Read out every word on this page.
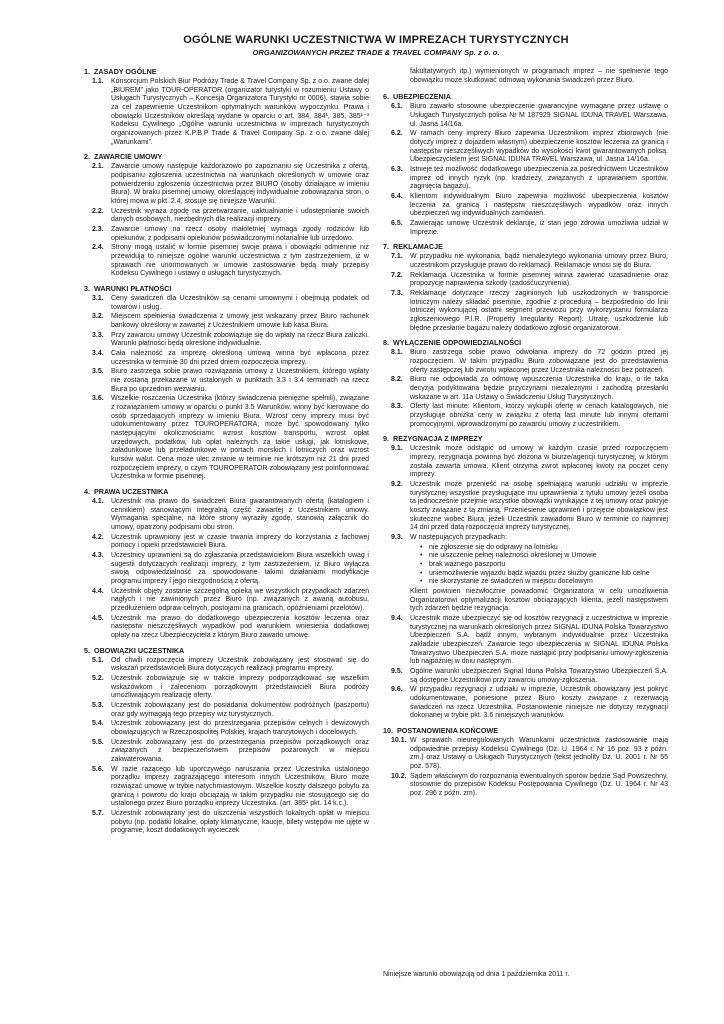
OGÓLNE WARUNKI UCZESTNICTWA W IMPREZACH TURYSTYCZNYCH
ORGANIZOWANYCH PRZEZ TRADE & TRAVEL COMPANY Sp. z o. o.
1. ZASADY OGÓLNE
1.1.	Konsorcjum Polskich Biur Podróży Trade & Travel Company Sp. z o.o. zwane dalej „BIUREM” jako TOUR-OPERATOR (organizator turystyki w rozumieniu Ustawy o Usługach Turystycznych – Koncesja Organizatora Turystyki nr 0006), stawia sobie za cel zapewnienie Uczestnikom optymalnych warunków wypoczynku. Prawa i obowiązki Uczestników określają wydane w oparciu o art. 384, 384¹, 385, 385¹⁻³ Kodeksu Cywilnego „Ogólne warunki uczestnictwa w imprezach turystycznych organizowanych przez K.P.B.P Trade & Travel Company Sp. z o.o. zwane dalej „Warunkami”.
2. ZAWARCIE UMOWY
2.1.	Zawarcie umowy następuje każdorazowo po zapoznaniu się Uczestnika z ofertą, podpisaniu zgłoszenia uczestnictwa na warunkach określonych w umowie oraz potwierdzeniu zgłoszenia uczestnictwa przez BIURO (osoby działające w imieniu Biura). W braku pisemnej umowy, określającej indywidualnie zobowiązania stron, o której mowa w pkt. 2.4, stosuje się niniejsze Warunki.
2.2.	Uczestnik wyraża zgodę na przetwarzanie, uaktualnianie i udostępnianie swoich danych osobowych, niezbędnych dla realizacji imprezy.
2.3.	Zawarcie umowy na rzecz osoby małoletniej wymaga zgody rodziców lub opiekunów, z podpisami opiekunów poświadczonymi notarialnie lub urzędowo.
2.4.	Strony mogą ustalić w formie pisemnej swoje prawa i obowiązki odmiennie niż przewidują to niniejsze ogólne warunki uczestnictwa z tym zastrzeżeniem, iż w sprawach nie unormowanych w umowie zastosowanie będą miały przepisy Kodeksu Cywilnego i ustawy o usługach turystycznych.
3. WARUNKI PŁATNOŚCI
3.1.	Ceny świadczeń dla Uczestników są cenami umownymi i obejmują podatek od towarów i usług.
3.2.	Miejscem spełnienia świadczenia z umowy jest wskazany przez Biuro rachunek bankowy określony w zawartej z Uczestnikiem umowie lub kasa Biura.
3.3.	Przy zawarciu umowy Uczestnik zobowiązuje się do wpłaty na rzecz Biura zaliczki. Warunki płatności będą określone indywidualnie.
3.4.	Cała należność za imprezę określoną umową winna być wpłacona przez uczestnika w terminie 30 dni przed dniem rozpoczęcia imprezy.
3.5.	Biuro zastrzega sobie prawo rozwiązania umowy z Uczestnikiem, którego wpłaty nie zostaną przekazane w ustalonych w punktach 3.3 i 3.4 terminach na rzecz Biura po uprzednim wezwaniu.
3.6.	Wszelkie roszczenia Uczestnika (którzy świadczenia pieniężne spełnili), związane z rozwiązaniem umowy w oparciu o punkt 3.5 Warunków, winny być kierowane do osób sprzedających imprezy w imieniu Biura. Wzrost ceny imprezy musi być udokumentowany przez TOUROPERATORA, może być spowodowany tylko następującymi okolicznościami: wzrost kosztów transportu, wzrost opłat urzędowych, podatków, lub opłat należnych za takie usługi, jak lotniskowe, załadunkowe lub przeładunkowe w portach morskich i lotniczych oraz wzrost kursów walut. Cena może ulec zmianie w terminie nie krótszym niż 21 dni przed rozpoczęciem imprezy, o czym TOUROPERATOR zobowiązany jest poinformować Uczestnika w formie pisemnej.
4. PRAWA UCZESTNIKA
4.1.	Uczestnik ma prawo do świadczeń Biura gwarantowanych ofertą (katalogiem i cennikiem) stanowiącym integralną część zawartej z Uczestnikiem umowy. Wymagania specjalne, na które strony wyraziły zgodę, stanowią załącznik do umowy, opatrzony podpisami obu stron.
4.2.	Uczestnik uprawniony jest w czasie trwania imprezy do korzystania z fachowej pomocy i opieki przedstawicieli Biura.
4.3.	Uczestnicy uprawnieni są do zgłaszania przedstawicielom Biura wszelkich uwag i sugestii dotyczących realizacji imprezy, z tym zastrzeżeniem, iż Biuro wyłącza swoją odpowiedzialność za spowodowane takimi działaniami modyfikacje programu imprezy i jego niezgodnością z ofertą.
4.4.	Uczestnik objęty zostanie szczególną opieką we wszystkich przypadkach zdarzeń nagłych i nie zawinionych przez Biuro (np. związanych z awarią autobusu, przedłużeniem odpraw celnych, postojami na granicach, opóźnieniami przelotów).
4.5.	Uczestnik ma prawo do dodatkowego ubezpieczenia kosztów leczenia oraz następstw nieszczęśliwych wypadków pod warunkiem wniesienia dodatkowej opłaty na rzecz Ubezpieczyciela z którym Biuro zawarło umowę.
5. OBOWIĄZKI UCZESTNIKA
5.1.	Od chwili rozpoczęcia imprezy Uczestnik zobowiązany jest stosować się do wskazań przedstawicieli Biura dotyczących realizacji programu imprezy.
5.2.	Uczestnik zobowiązuje się w trakcie imprezy podporządkować się wszelkim wskazówkom i zaleceniom porządkowym przedstawicieli Biura podróży umożliwiającym realizację oferty.
5.3.	Uczestnik zobowiązany jest do posiadania dokumentów podróżnych (paszportu) oraz gdy wymagają tego przepisy wiz turystycznych.
5.4.	Uczestnik zobowiązany jest do przestrzegania przepisów celnych i dewizowych obowiązujących w Rzeczpospolitej Polskiej, krajach tranzytowych i docelowych.
5.5.	Uczestnik zobowiązany jest do przestrzegania przepisów porządkowych oraz związanych z bezpieczeństwem przepisów pożarowych w miejscu zakwaterowania.
5.6.	W razie rażącego lub uporczywego naruszania przez Uczestnika ustalonego porządku imprezy zagrażającego interesom innych Uczestników, Biuro może rozwiązać umowę w trybie natychmiastowym. Wszelkie koszty dalszego pobytu za granicą i powrotu do kraju obciążają w takim przypadku nie stosującego się do ustalonego przez Biuro porządku imprezy Uczestnika. (art. 385¹ pkt. 14 k.c.).
5.7.	Uczestnik zobowiązany jest do uiszczenia wszystkich lokalnych opłat w miejscu pobytu (np. podatki lokalne, opłaty klimatyczne, kaucje, bilety wstępów nie ujęte w programie, koszt dodatkowych wycieczek

fakultatywnych itp.) wymienionych w programach imprez – nie spełnienie tego obowiązku może skutkować odmową wykonania świadczeń przez Biuro.

6. UBEZPIECZENIA
6.1.	Biuro zawarło stosowne ubezpieczenie gwarancyjne wymagane przez ustawę o Usługach Turystycznych polisa Nr M 187929 SIGNAL IDUNA TRAVEL Warszawa, ul. Jasna 14/16a.
6.2.	W ramach ceny imprezy Biuro zapewnia Uczestnikom imprez zbiorowych (nie dotyczy imprez z dojazdem własnym) ubezpieczenie kosztów leczenia za granicą i następstw nieszczęśliwych wypadków do wysokości kwot gwarantowanych polisą. Ubezpieczycielem jest SIGNAL IDUNA TRAVEL Warszawa, ul. Jasna 14/16a.
6.3.	Istnieje też możliwość dodatkowego ubezpieczenia za pośrednictwem Uczestników imprez od innych ryzyk (np. kradzieży, związanych z uprawianiem sportów, zaginięcia bagażu).
6.4.	Klientom indywidualnym Biuro zapewnia możliwość ubezpieczenia kosztów leczenia za granicą i następstw nieszczęśliwych wypadków oraz innych ubezpieczeń wg indywidualnych zamówień.
6.5.	Zawierając umowę Uczestnik deklaruje, iż stan jego zdrowia umożliwia udział w Imprezie.
7. REKLAMACJE
7.1.	W przypadku nie wykonania, bądź nienależytego wykonania umowy przez Biuro, uczestnikom przysługuje prawo do reklamacji. Reklamacje wnosi się do Biura.
7.2.	Reklamacja Uczestnika w formie pisemnej winna zawierać uzasadnienie oraz propozycję naprawienia szkody (zadośćuczynienia).
7.3.	Reklamacje dotyczące rzeczy zaginionych lub uszkodzonych w transporcie lotniczym należy składać pisemnie, zgodnie z procedurą – bezpośrednio do linii lotniczej wykonującej ostatni segment przewozu przy wykorzystaniu formularza zgłoszeniowego P.I.R. (Property Irregularity Report). Utratę, uszkodzenie lub błędne przesłanie bagażu należy dodatkowo zgłosić organizatorowi.
8. WYŁĄCZENIE ODPOWIEDZIALNOŚCI
8.1.	Biuro zastrzega sobie prawo odwołania imprezy do 72 godzin przed jej rozpoczęciem. W takim przypadku Biuro zobowiązane jest do przedstawienia oferty zastępczej lub zwrotu wpłaconej przez Uczestnika należności bez potrąceń.
8.2.	Biuro nie odpowiada za odmowę wpuszczenia Uczestnika do kraju, o ile taka decyzja podyktowana będzie przyczynami niezależnymi i zachodzą przesłanki wskazane w art. 11a Ustawy o Świadczeniu Usług Turystycznych.
8.3.	Oferty last minute: Klientom, którzy wykupili ofertę w cenach katalogowych, nie przysługuje obniżka ceny w związku z ofertą last minute lub innymi ofertami promocyjnymi, wprowadzonymi po zawarciu umowy z uczestnikiem.
9. REZYGNACJA Z IMPREZY
9.1.	Uczestnik może odstąpić od umowy w każdym czasie przed rozpoczęciem imprezy, rezygnacja powinna być złożona w biurze/agencji turystycznej, w którym została zawarta umowa. Klient otrzyma zwrot wpłaconej kwoty na poczet ceny imprezy.
9.2.	Uczestnik może przenieść na osobę spełniającą warunki udziału w imprezie turystycznej wszystkie przysługujące mu uprawnienia z tytułu umowy jeżeli osoba ta jednocześnie przejmie wszystkie obowiązki wynikające z tej umowy oraz pokryje koszty związane z tą zmianą. Przeniesienie uprawnień i przejęcie obowiązków jest skuteczne wobec Biura, jeżeli Uczestnik zawiadomi Biuro w terminie co najmniej 14 dni przed datą rozpoczęcia imprezy turystycznej.
9.3.	W następujących przypadkach:
• nie zgłoszenie się do odprawy na lotnisku
• nie uiszczenie pełnej należności określonej w Umowie
• brak ważnego paszportu
• uniemożliwienie wyjazdu bądź wjazdu przez służby graniczne lub celne
• nie skorzystanie ze świadczeń w miejscu docelowym
Klient powinien niezwłocznie powiadomić Organizatora w celu umożliwienia Organizatorowi optymalizacji kosztów obciążających klienta, jeżeli następstwem tych zdarzeń będzie rezygnacja.
9.4.	Uczestnik może ubezpieczyć się od kosztów rezygnacji z uczestnictwa w imprezie turystycznej na warunkach określonych przez SIGNAL IDUNA Polska Towarzystwo Ubezpieczeń S.A. bądź innym, wybranym indywidualnie przez Uczestnika zakładzie ubezpieczeń. Zawarcie tego ubezpieczenia w SIGNAL IDUNA Polska Towarzystwo Ubezpieczeń S.A. może nastąpić przy podpisaniu umowy-zgłoszenia lub najpóźniej w dniu następnym.
9.5.	Ogólne warunki ubezpieczeń Signal Iduna Polska Towarzystwo Ubezpieczeń S.A. są dostępne Uczestnikowi przy zawarciu umowy-zgłoszenia.
9.6.	W przypadku rezygnacji z udziału w imprezie, Uczestnik obowiązany jest pokryć udokumentowane, poniesione przez Biuro koszty związane z rezerwacją świadczeń na rzecz Uczestnika. Postanowienie niniejsze nie dotyczy rezygnacji dokonanej w trybie pkt. 3.6 niniejszych warunków.
10. POSTANOWIENIA KOŃCOWE
10.1. W sprawach nieuregulowanych Warunkami uczestnictwa zastosowanie mają odpowiednie przepisy Kodeksu Cywilnego (Dz. U. 1964 r. Nr 16 poz. 93 z późn. zm.) oraz Ustawy o Usługach Turystycznych (tekst jednolity Dz. U. 2001 r. Nr 55 poz. 578).
10.2. Sądem właściwym do rozpoznania ewentualnych sporów będzie Sąd Powszechny, stosownie do przepisów Kodeksu Postępowania Cywilnego (Dz. U. 1964 r. Nr 43 poz. 296 z późn. zm).

Niniejsze warunki obowiązują od dnia 1 października 2011 r.
